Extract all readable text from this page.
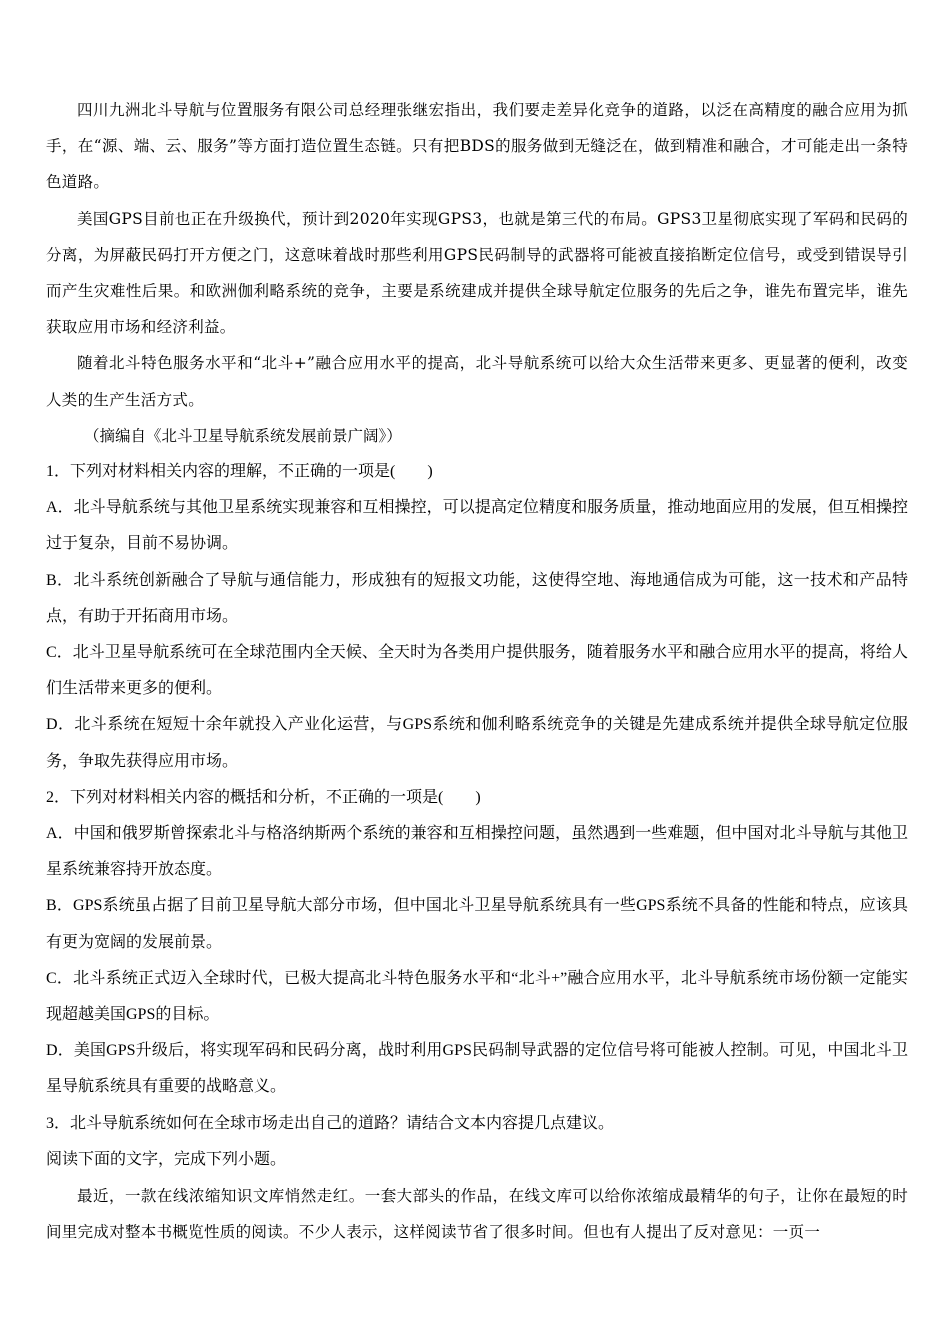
四川九洲北斗导航与位置服务有限公司总经理张继宏指出，我们要走差异化竞争的道路，以泛在高精度的融合应用为抓手，在“源、端、云、服务”等方面打造位置生态链。只有把BDS的服务做到无缝泛在，做到精准和融合，才可能走出一条特色道路。

美国GPS目前也正在升级换代，预计到2020年实现GPS3，也就是第三代的布局。GPS3卫星彻底实现了军码和民码的分离，为屏蔽民码打开方便之门，这意味着战时那些利用GPS民码制导的武器将可能被直接掐断定位信号，或受到错误导引而产生灾难性后果。和欧洲伽利略系统的竞争，主要是系统建成并提供全球导航定位服务的先后之争，谁先布置完毕，谁先获取应用市场和经济利益。

随着北斗特色服务水平和“北斗+”融合应用水平的提高，北斗导航系统可以给大众生活带来更多、更显著的便利，改变人类的生产生活方式。

（摘编自《北斗卫星导航系统发展前景广阔》）

1．下列对材料相关内容的理解，不正确的一项是(　　)

A．北斗导航系统与其他卫星系统实现兼容和互相操控，可以提高定位精度和服务质量，推动地面应用的发展，但互相操控过于复杂，目前不易协调。

B．北斗系统创新融合了导航与通信能力，形成独有的短报文功能，这使得空地、海地通信成为可能，这一技术和产品特点，有助于开拓商用市场。

C．北斗卫星导航系统可在全球范围内全天候、全天时为各类用户提供服务，随着服务水平和融合应用水平的提高，将给人们生活带来更多的便利。

D．北斗系统在短短十余年就投入产业化运营，与GPS系统和伽利略系统竞争的关键是先建成系统并提供全球导航定位服务，争取先获得应用市场。

2．下列对材料相关内容的概括和分析，不正确的一项是(　　)

A．中国和俄罗斯曾探索北斗与格洛纳斯两个系统的兼容和互相操控问题，虽然遇到一些难题，但中国对北斗导航与其他卫星系统兼容持开放态度。

B．GPS系统虽占据了目前卫星导航大部分市场，但中国北斗卫星导航系统具有一些GPS系统不具备的性能和特点，应该具有更为宽阔的发展前景。

C．北斗系统正式迈入全球时代，已极大提高北斗特色服务水平和“北斗+”融合应用水平，北斗导航系统市场份额一定能实现超越美国GPS的目标。

D．美国GPS升级后，将实现军码和民码分离，战时利用GPS民码制导武器的定位信号将可能被人控制。可见，中国北斗卫星导航系统具有重要的战略意义。

3．北斗导航系统如何在全球市场走出自己的道路？请结合文本内容提几点建议。

阅读下面的文字，完成下列小题。

最近，一款在线浓缩知识文库悄然走红。一套大部头的作品，在线文库可以给你浓缩成最精华的句子，让你在最短的时间里完成对整本书概览性质的阅读。不少人表示，这样阅读节省了很多时间。但也有人提出了反对意见：一页一
